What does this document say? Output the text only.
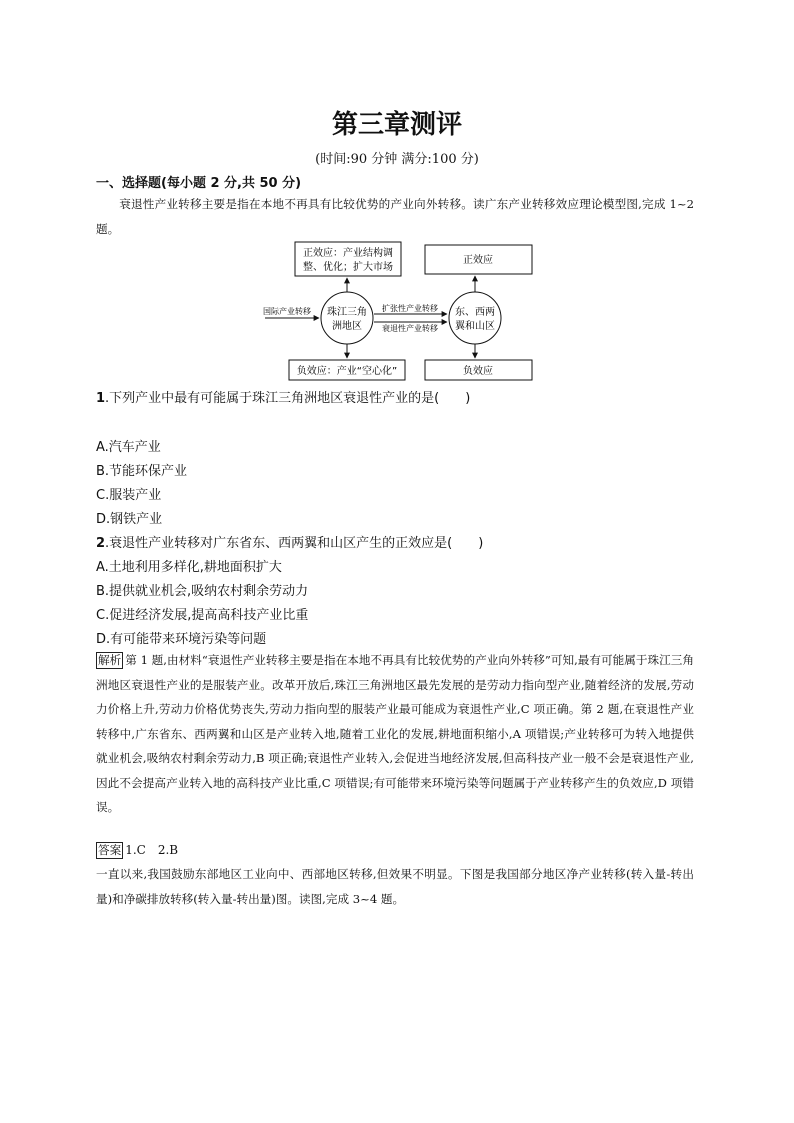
第三章测评
(时间:90 分钟 满分:100 分)
一、选择题(每小题 2 分,共 50 分)
衰退性产业转移主要是指在本地不再具有比较优势的产业向外转移。读广东产业转移效应理论模型图,完成 1~2 题。
正效应：产业结构调
整、优化；扩大市场
正效应
负效应：产业“空心化”	负效应
珠江三角
洲地区
东、西两
翼和山区
国际产业转移	扩张性产业转移
衰退性产业转移
1.下列产业中最有可能属于珠江三角洲地区衰退性产业的是(　　)
A.汽车产业
B.节能环保产业
C.服装产业
D.钢铁产业
2.衰退性产业转移对广东省东、西两翼和山区产生的正效应是(　　)
A.土地利用多样化,耕地面积扩大
B.提供就业机会,吸纳农村剩余劳动力
C.促进经济发展,提高高科技产业比重
D.有可能带来环境污染等问题
解析 第 1 题,由材料“衰退性产业转移主要是指在本地不再具有比较优势的产业向外转移”可知,最有可能属于珠江三角洲地区衰退性产业的是服装产业。改革开放后,珠江三角洲地区最先发展的是劳动力指向型产业,随着经济的发展,劳动力价格上升,劳动力价格优势丧失,劳动力指向型的服装产业最可能成为衰退性产业,C 项正确。第 2 题,在衰退性产业转移中,广东省东、西两翼和山区是产业转入地,随着工业化的发展,耕地面积缩小,A 项错误;产业转移可为转入地提供就业机会,吸纳农村剩余劳动力,B 项正确;衰退性产业转入,会促进当地经济发展,但高科技产业一般不会是衰退性产业,因此不会提高产业转入地的高科技产业比重,C 项错误;有可能带来环境污染等问题属于产业转移产生的负效应,D 项错误。
答案 1.C　2.B
一直以来,我国鼓励东部地区工业向中、西部地区转移,但效果不明显。下图是我国部分地区净产业转移(转入量-转出量)和净碳排放转移(转入量-转出量)图。读图,完成 3~4 题。
